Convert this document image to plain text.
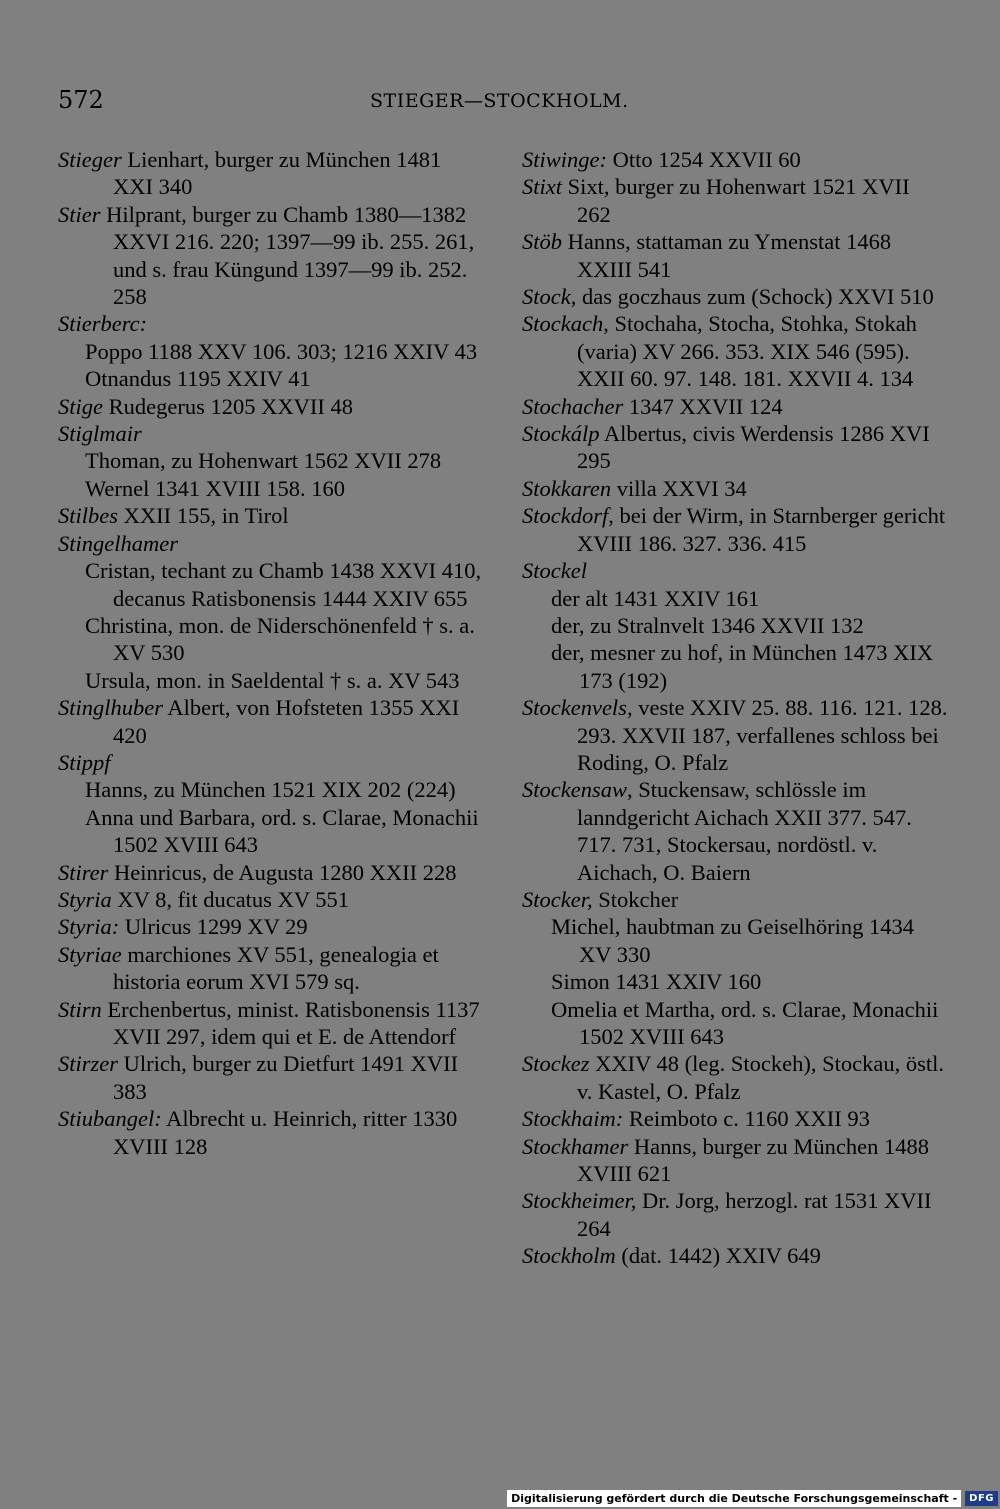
572	STIEGER—STOCKHOLM.

Stieger Lienhart, burger zu München 1481 XXI 340

Stier Hilprant, burger zu Chamb 1380—1382 XXVI 216. 220; 1397—99 ib. 255. 261, und s. frau Küngund 1397—99 ib. 252. 258

Stierberc:

Poppo 1188 XXV 106. 303; 1216 XXIV 43

Otnandus 1195 XXIV 41

Stige Rudegerus 1205 XXVII 48

Stiglmair

Thoman, zu Hohenwart 1562 XVII 278

Wernel 1341 XVIII 158. 160

Stilbes XXII 155, in Tirol

Stingelhamer

Cristan, techant zu Chamb 1438 XXVI 410, decanus Ratisbonensis 1444 XXIV 655

Christina, mon. de Niderschönenfeld † s. a. XV 530

Ursula, mon. in Saeldental † s. a. XV 543

Stinglhuber Albert, von Hofsteten 1355 XXI 420

Stippf

Hanns, zu München 1521 XIX 202 (224)

Anna und Barbara, ord. s. Clarae, Monachii 1502 XVIII 643

Stirer Heinricus, de Augusta 1280 XXII 228

Styria XV 8, fit ducatus XV 551

Styria: Ulricus 1299 XV 29

Styriae marchiones XV 551, genealogia et historia eorum XVI 579 sq.

Stirn Erchenbertus, minist. Ratisbonensis 1137 XVII 297, idem qui et E. de Attendorf

Stirzer Ulrich, burger zu Dietfurt 1491 XVII 383

Stiubangel: Albrecht u. Heinrich, ritter 1330 XVIII 128

Stiwinge: Otto 1254 XXVII 60

Stixt Sixt, burger zu Hohenwart 1521 XVII 262

Stöb Hanns, stattaman zu Ymenstat 1468 XXIII 541

Stock, das goczhaus zum (Schock) XXVI 510

Stockach, Stochaha, Stocha, Stohka, Stokah (varia) XV 266. 353. XIX 546 (595). XXII 60. 97. 148. 181. XXVII 4. 134

Stochacher 1347 XXVII 124

Stockálp Albertus, civis Werdensis 1286 XVI 295

Stokkaren villa XXVI 34

Stockdorf, bei der Wirm, in Starnberger gericht XVIII 186. 327. 336. 415

Stockel

der alt 1431 XXIV 161

der, zu Stralnvelt 1346 XXVII 132

der, mesner zu hof, in München 1473 XIX 173 (192)

Stockenvels, veste XXIV 25. 88. 116. 121. 128. 293. XXVII 187, verfallenes schloss bei Roding, O. Pfalz

Stockensaw, Stuckensaw, schlössle im lanndgericht Aichach XXII 377. 547. 717. 731, Stockersau, nordöstl. v. Aichach, O. Baiern

Stocker, Stokcher

Michel, haubtman zu Geiselhöring 1434 XV 330

Simon 1431 XXIV 160

Omelia et Martha, ord. s. Clarae, Monachii 1502 XVIII 643

Stockez XXIV 48 (leg. Stockeh), Stockau, östl. v. Kastel, O. Pfalz

Stockhaim: Reimboto c. 1160 XXII 93

Stockhamer Hanns, burger zu München 1488 XVIII 621

Stockheimer, Dr. Jorg, herzogl. rat 1531 XVII 264

Stockholm (dat. 1442) XXIV 649

Digitalisierung gefördert durch die Deutsche Forschungsgemeinschaft -	DFG
